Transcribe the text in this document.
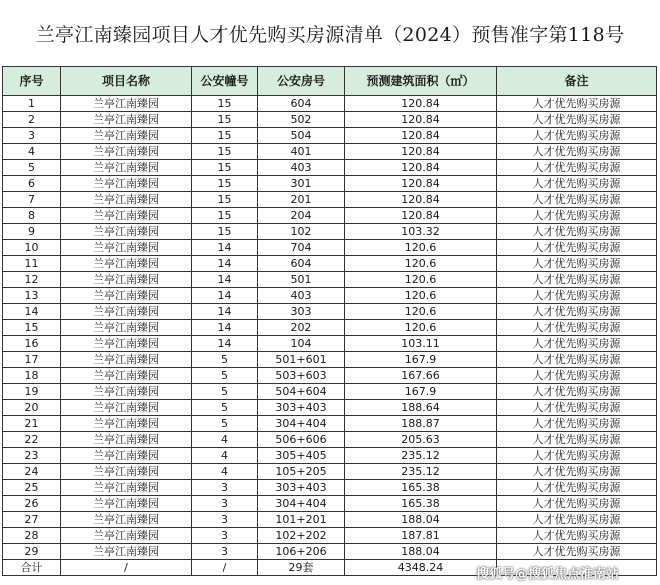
兰亭江南臻园项目人才优先购买房源清单（2024）预售准字第118号
序号	项目名称	公安幢号	公安房号	预测建筑面积（㎡）	备注
1	兰亭江南臻园	15	604	120.84	人才优先购买房源
2	兰亭江南臻园	15	502	120.84	人才优先购买房源
3	兰亭江南臻园	15	504	120.84	人才优先购买房源
4	兰亭江南臻园	15	401	120.84	人才优先购买房源
5	兰亭江南臻园	15	403	120.84	人才优先购买房源
6	兰亭江南臻园	15	301	120.84	人才优先购买房源
7	兰亭江南臻园	15	201	120.84	人才优先购买房源
8	兰亭江南臻园	15	204	120.84	人才优先购买房源
9	兰亭江南臻园	15	102	103.32	人才优先购买房源
10	兰亭江南臻园	14	704	120.6	人才优先购买房源
11	兰亭江南臻园	14	604	120.6	人才优先购买房源
12	兰亭江南臻园	14	501	120.6	人才优先购买房源
13	兰亭江南臻园	14	403	120.6	人才优先购买房源
14	兰亭江南臻园	14	303	120.6	人才优先购买房源
15	兰亭江南臻园	14	202	120.6	人才优先购买房源
16	兰亭江南臻园	14	104	103.11	人才优先购买房源
17	兰亭江南臻园	5	501+601	167.9	人才优先购买房源
18	兰亭江南臻园	5	503+603	167.66	人才优先购买房源
19	兰亭江南臻园	5	504+604	167.9	人才优先购买房源
20	兰亭江南臻园	5	303+403	188.64	人才优先购买房源
21	兰亭江南臻园	5	304+404	188.87	人才优先购买房源
22	兰亭江南臻园	4	506+606	205.63	人才优先购买房源
23	兰亭江南臻园	4	305+405	235.12	人才优先购买房源
24	兰亭江南臻园	4	105+205	235.12	人才优先购买房源
25	兰亭江南臻园	3	303+403	165.38	人才优先购买房源
26	兰亭江南臻园	3	304+404	165.38	人才优先购买房源
27	兰亭江南臻园	3	101+201	188.04	人才优先购买房源
28	兰亭江南臻园	3	102+202	187.81	人才优先购买房源
29	兰亭江南臻园	3	106+206	188.04	人才优先购买房源
合计	/	/	29套	4348.24		搜狐号@搜狐焦点淮南站
